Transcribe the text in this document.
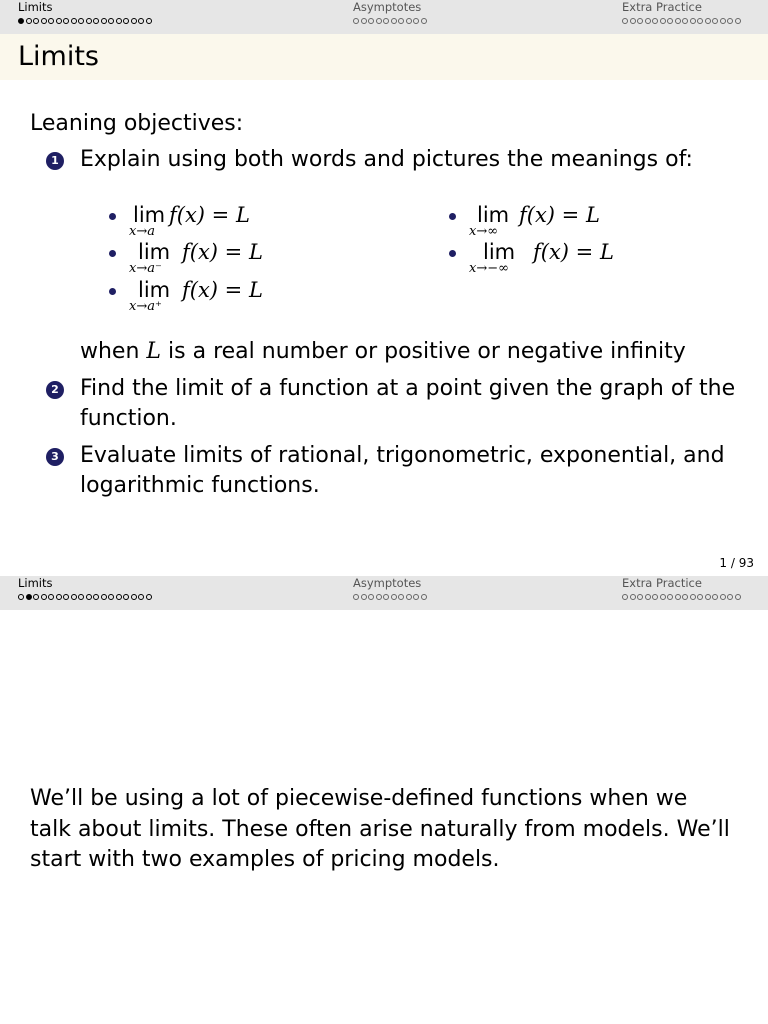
Limits	Asymptotes	Extra Practice
Limits
Leaning objectives:
1 Explain using both words and pictures the meanings of:
lim
x→a
f(x) = L
lim
x→a⁻
f(x) = L
lim
x→a⁺
f(x) = L
lim
x→∞
f(x) = L
lim
x→−∞
f(x) = L
when L is a real number or positive or negative infinity
2 Find the limit of a function at a point given the graph of the function.
3 Evaluate limits of rational, trigonometric, exponential, and logarithmic functions.
1 / 93
Limits	Asymptotes	Extra Practice
We’ll be using a lot of piecewise-defined functions when we talk about limits. These often arise naturally from models. We’ll start with two examples of pricing models.
